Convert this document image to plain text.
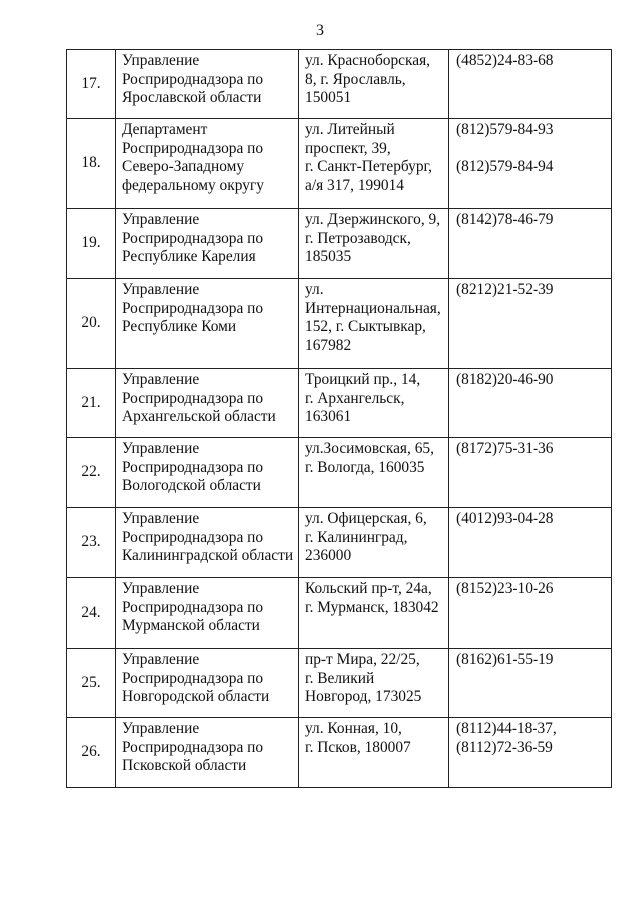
3
17.	Управление
Росприроднадзора по
Ярославской области	ул. Красноборская,
8, г. Ярославль,
150051	(4852)24-83-68

18.	Департамент
Росприроднадзора по
Северо-Западному
федеральному округу	ул. Литейный
проспект, 39,
г. Санкт-Петербург,
а/я 317, 199014	(812)579-84-93
(812)579-84-94

19.	Управление
Росприроднадзора по
Республике Карелия	ул. Дзержинского, 9,
г. Петрозаводск,
185035	(8142)78-46-79

20.	Управление
Росприроднадзора по
Республике Коми	ул.
Интернациональная,
152, г. Сыктывкар,
167982	(8212)21-52-39

21.	Управление
Росприроднадзора по
Архангельской области	Троицкий пр., 14,
г. Архангельск,
163061	(8182)20-46-90

22.	Управление
Росприроднадзора по
Вологодской области	ул.Зосимовская, 65,
г. Вологда, 160035	(8172)75-31-36

23.	Управление
Росприроднадзора по
Калининградской области	ул. Офицерская, 6,
г. Калининград,
236000	(4012)93-04-28

24.	Управление
Росприроднадзора по
Мурманской области	Кольский пр-т, 24а,
г. Мурманск, 183042	(8152)23-10-26

25.	Управление
Росприроднадзора по
Новгородской области	пр-т Мира, 22/25,
г. Великий
Новгород, 173025	(8162)61-55-19

26.	Управление
Росприроднадзора по
Псковской области	ул. Конная, 10,
г. Псков, 180007	(8112)44-18-37,
(8112)72-36-59
